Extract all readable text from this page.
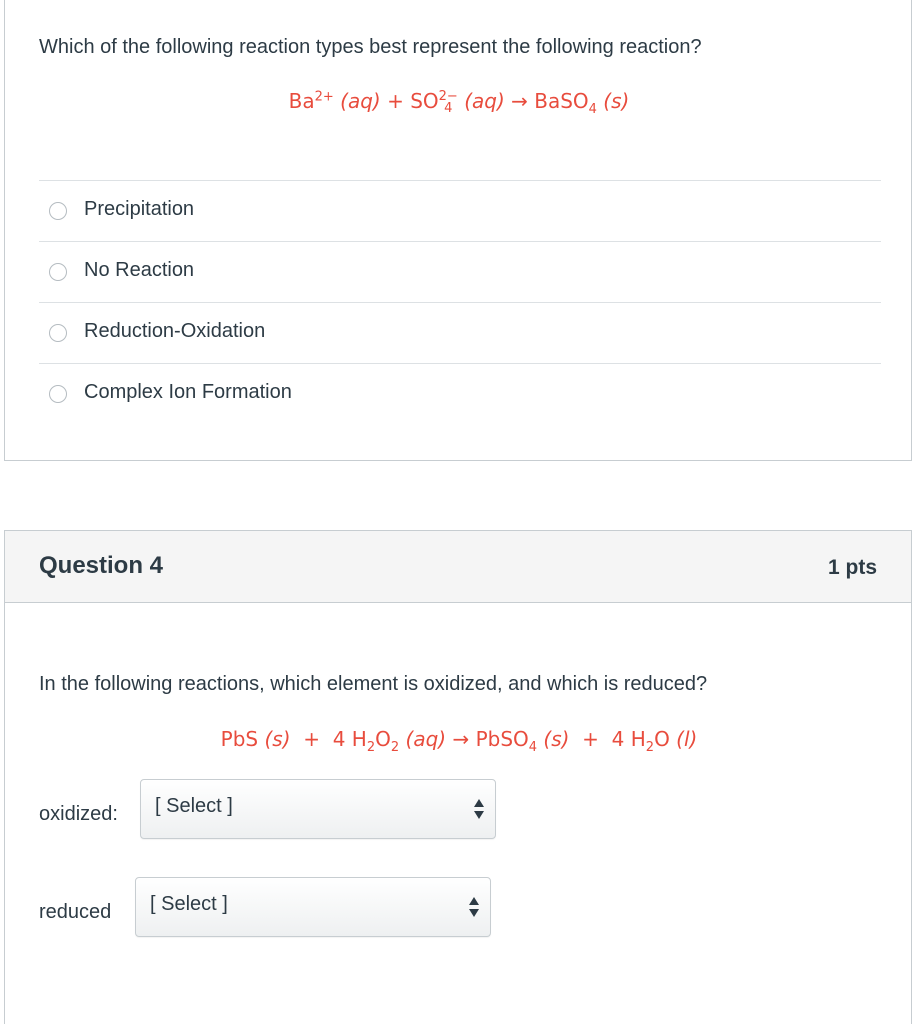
Which of the following reaction types best represent the following reaction?
$Ba^{2+}$ (aq) + SO 2−
4 (aq) → BaSO$_4$ (s)
Precipitation
No Reaction
Reduction-Oxidation
Complex Ion Formation
Question 4	1 pts
In the following reactions, which element is oxidized, and which is reduced?
PbS (s) + 4 $H_2O_2$ (aq) → PbSO$_4$ (s) + 4 $H_2O$ (l)
oxidized: [ Select ]
reduced [ Select ]
